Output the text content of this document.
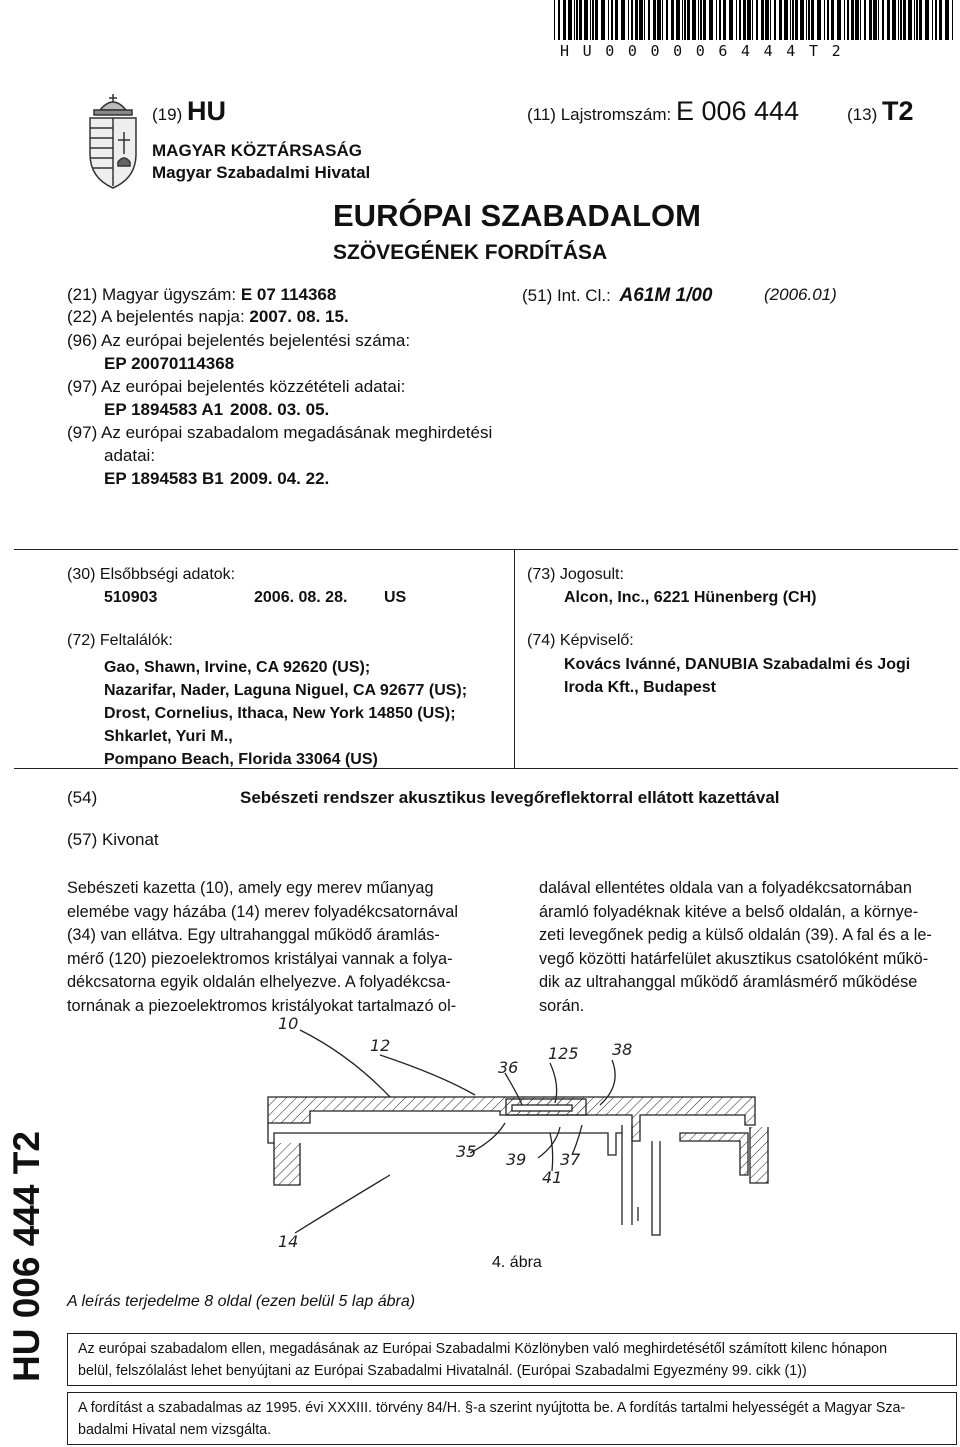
HU000006444T2
(19) HU	(11) Lajstromszám: E 006 444	(13) T2
MAGYAR KÖZTÁRSASÁG
Magyar Szabadalmi Hivatal
EURÓPAI SZABADALOM
SZÖVEGÉNEK FORDÍTÁSA
(21) Magyar ügyszám: E 07 114368
(22) A bejelentés napja: 2007. 08. 15.
(96) Az európai bejelentés bejelentési száma:
EP 20070114368
(97) Az európai bejelentés közzétételi adatai:
EP 1894583 A1 2008. 03. 05.
(97) Az európai szabadalom megadásának meghirdetési
adatai:
EP 1894583 B1 2009. 04. 22.
(51) Int. Cl.: A61M 1/00	(2006.01)
(30) Elsőbbségi adatok:
510903	2006. 08. 28. US
(72) Feltalálók:
Gao, Shawn, Irvine, CA 92620 (US);
Nazarifar, Nader, Laguna Niguel, CA 92677 (US);
Drost, Cornelius, Ithaca, New York 14850 (US);
Shkarlet, Yuri M.,
Pompano Beach, Florida 33064 (US)
(73) Jogosult:
Alcon, Inc., 6221 Hünenberg (CH)
(74) Képviselő:
Kovács Ivánné, DANUBIA Szabadalmi és Jogi
Iroda Kft., Budapest
(54)	Sebészeti rendszer akusztikus levegőreflektorral ellátott kazettával
(57) Kivonat
Sebészeti kazetta (10), amely egy merev műanyag
elemébe vagy házába (14) merev folyadékcsatornával
(34) van ellátva. Egy ultrahanggal működő áramlás-
mérő (120) piezoelektromos kristályai vannak a folya-
dékcsatorna egyik oldalán elhelyezve. A folyadékcsa-
tornának a piezoelektromos kristályokat tartalmazó ol-
dalával ellentétes oldala van a folyadékcsatornában
áramló folyadéknak kitéve a belső oldalán, a környe-
zeti levegőnek pedig a külső oldalán (39). A fal és a le-
vegő közötti határfelület akusztikus csatolóként műkö-
dik az ultrahanggal működő áramlásmérő működése
során.
10
12
36
125 38
35 39 37
41
14
4. ábra
HU 006 444 T2	A leírás terjedelme 8 oldal (ezen belül 5 lap ábra)
Az európai szabadalom ellen, megadásának az Európai Szabadalmi Közlönyben való meghirdetésétől számított kilenc hónapon
belül, felszólalást lehet benyújtani az Európai Szabadalmi Hivatalnál. (Európai Szabadalmi Egyezmény 99. cikk (1))
A fordítást a szabadalmas az 1995. évi XXXIII. törvény 84/H. §-a szerint nyújtotta be. A fordítás tartalmi helyességét a Magyar Sza-
badalmi Hivatal nem vizsgálta.
